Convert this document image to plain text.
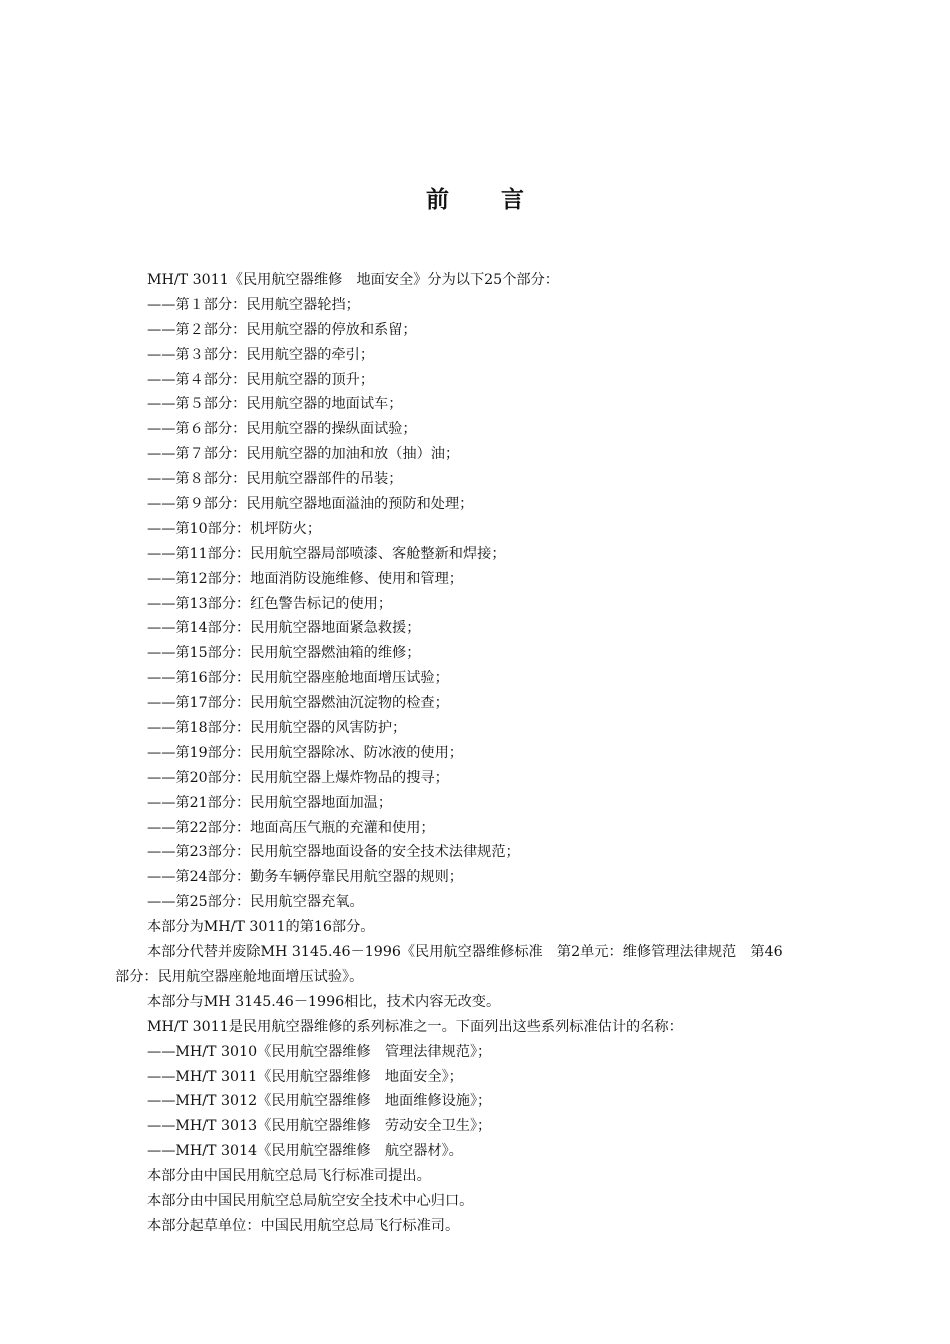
前言
MH/T 3011《民用航空器维修　地面安全》分为以下25个部分：
——第１部分：民用航空器轮挡；
——第２部分：民用航空器的停放和系留；
——第３部分：民用航空器的牵引；
——第４部分：民用航空器的顶升；
——第５部分：民用航空器的地面试车；
——第６部分：民用航空器的操纵面试验；
——第７部分：民用航空器的加油和放（抽）油；
——第８部分：民用航空器部件的吊装；
——第９部分：民用航空器地面溢油的预防和处理；
——第10部分：机坪防火；
——第11部分：民用航空器局部喷漆、客舱整新和焊接；
——第12部分：地面消防设施维修、使用和管理；
——第13部分：红色警告标记的使用；
——第14部分：民用航空器地面紧急救援；
——第15部分：民用航空器燃油箱的维修；
——第16部分：民用航空器座舱地面增压试验；
——第17部分：民用航空器燃油沉淀物的检查；
——第18部分：民用航空器的风害防护；
——第19部分：民用航空器除冰、防冰液的使用；
——第20部分：民用航空器上爆炸物品的搜寻；
——第21部分：民用航空器地面加温；
——第22部分：地面高压气瓶的充灌和使用；
——第23部分：民用航空器地面设备的安全技术法律规范；
——第24部分：勤务车辆停靠民用航空器的规则；
——第25部分：民用航空器充氧。
本部分为MH/T 3011的第16部分。
本部分代替并废除MH 3145.46－1996《民用航空器维修标准　第2单元：维修管理法律规范　第46
部分：民用航空器座舱地面增压试验》。
本部分与MH 3145.46－1996相比，技术内容无改变。
MH/T 3011是民用航空器维修的系列标准之一。下面列出这些系列标准估计的名称：
——MH/T 3010《民用航空器维修　管理法律规范》；
——MH/T 3011《民用航空器维修　地面安全》；
——MH/T 3012《民用航空器维修　地面维修设施》；
——MH/T 3013《民用航空器维修　劳动安全卫生》；
——MH/T 3014《民用航空器维修　航空器材》。
本部分由中国民用航空总局飞行标准司提出。
本部分由中国民用航空总局航空安全技术中心归口。
本部分起草单位：中国民用航空总局飞行标准司。
